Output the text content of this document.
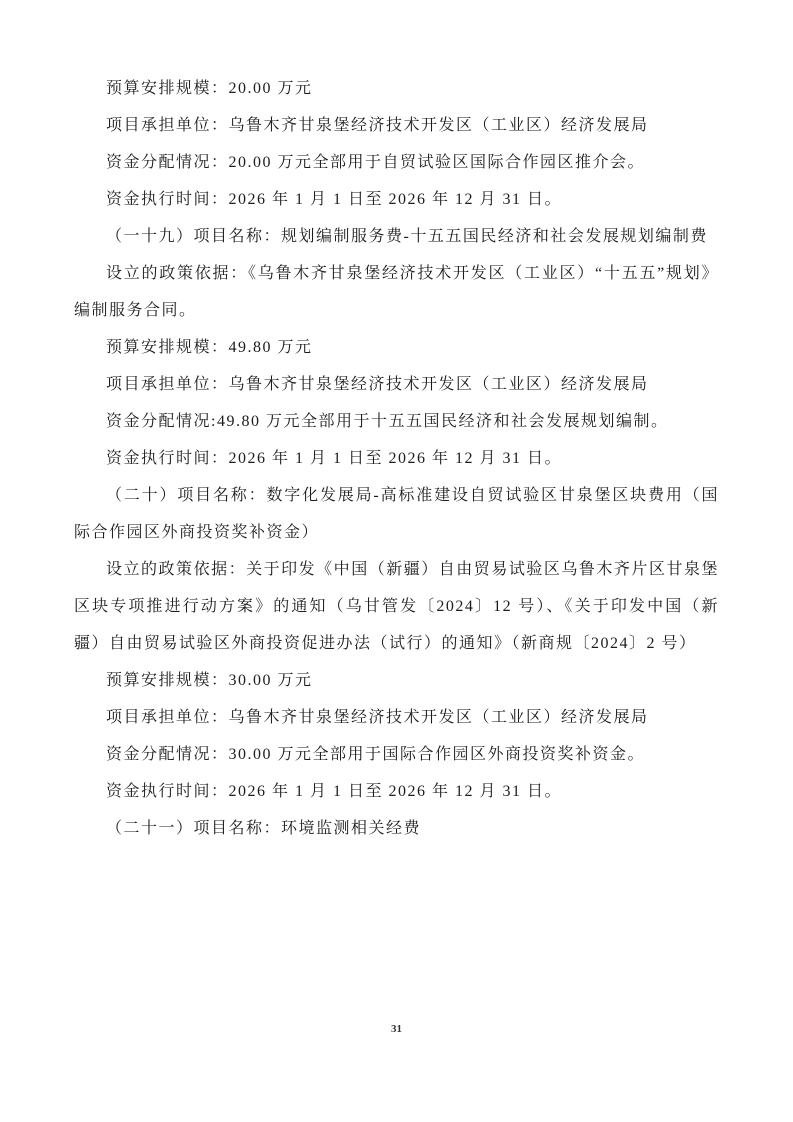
预算安排规模：20.00 万元

项目承担单位：乌鲁木齐甘泉堡经济技术开发区（工业区）经济发展局

资金分配情况：20.00 万元全部用于自贸试验区国际合作园区推介会。

资金执行时间：2026 年 1 月 1 日至 2026 年 12 月 31 日。

（一十九）项目名称：规划编制服务费-十五五国民经济和社会发展规划编制费

设立的政策依据：《乌鲁木齐甘泉堡经济技术开发区（工业区）“十五五”规划》编制服务合同。

预算安排规模：49.80 万元

项目承担单位：乌鲁木齐甘泉堡经济技术开发区（工业区）经济发展局

资金分配情况:49.80 万元全部用于十五五国民经济和社会发展规划编制。

资金执行时间：2026 年 1 月 1 日至 2026 年 12 月 31 日。

（二十）项目名称：数字化发展局-高标准建设自贸试验区甘泉堡区块费用（国际合作园区外商投资奖补资金）

设立的政策依据：关于印发《中国（新疆）自由贸易试验区乌鲁木齐片区甘泉堡区块专项推进行动方案》的通知（乌甘管发〔2024〕12 号）、《关于印发中国（新疆）自由贸易试验区外商投资促进办法（试行）的通知》（新商规〔2024〕2 号）

预算安排规模：30.00 万元

项目承担单位：乌鲁木齐甘泉堡经济技术开发区（工业区）经济发展局

资金分配情况：30.00 万元全部用于国际合作园区外商投资奖补资金。

资金执行时间：2026 年 1 月 1 日至 2026 年 12 月 31 日。

（二十一）项目名称：环境监测相关经费

31
